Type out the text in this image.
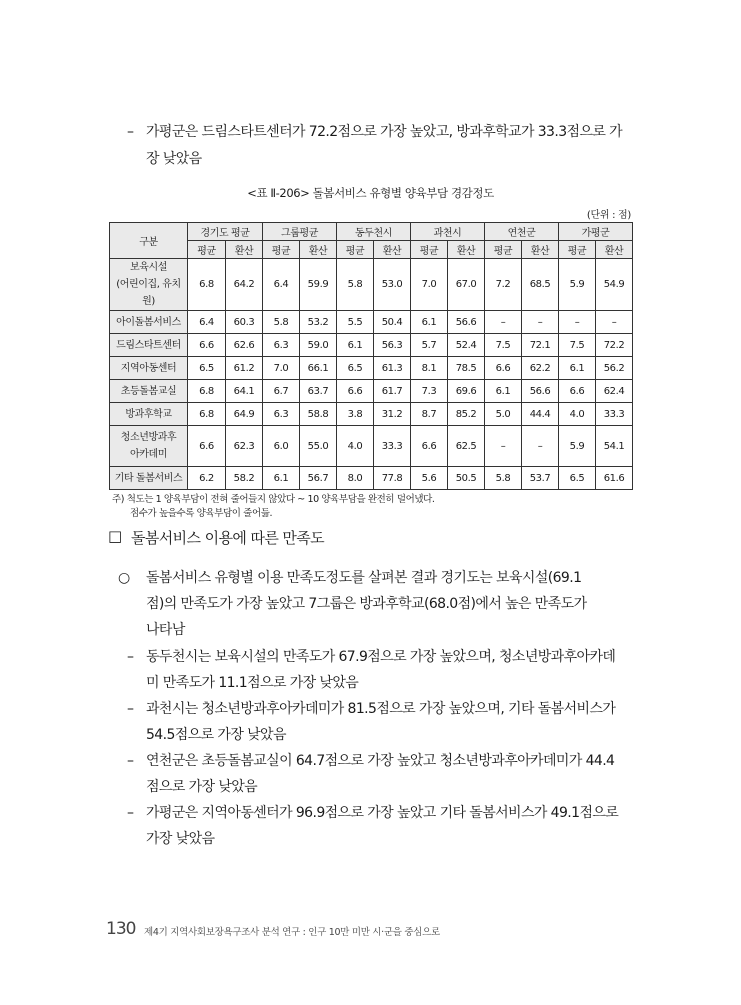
– 가평군은 드림스타트센터가 72.2점으로 가장 높았고, 방과후학교가 33.3점으로 가
장 낮았음
<표 Ⅱ-206> 돌봄서비스 유형별 양육부담 경감정도
(단위 : 점)
구분	경기도 평균		그룹평균		동두천시		과천시		연천군		가평군	
	평균	환산	평균	환산	평균	환산	평균	환산	평균	환산	평균	환산
보육시설
(어린이집, 유치원)	6.8	64.2	6.4	59.9	5.8	53.0	7.0	67.0	7.2	68.5	5.9	54.9
아이돌봄서비스	6.4	60.3	5.8	53.2	5.5	50.4	6.1	56.6	–	–	–	–
드림스타트센터	6.6	62.6	6.3	59.0	6.1	56.3	5.7	52.4	7.5	72.1	7.5	72.2
지역아동센터	6.5	61.2	7.0	66.1	6.5	61.3	8.1	78.5	6.6	62.2	6.1	56.2
초등돌봄교실	6.8	64.1	6.7	63.7	6.6	61.7	7.3	69.6	6.1	56.6	6.6	62.4
방과후학교	6.8	64.9	6.3	58.8	3.8	31.2	8.7	85.2	5.0	44.4	4.0	33.3
청소년방과후
아카데미	6.6	62.3	6.0	55.0	4.0	33.3	6.6	62.5	–	–	5.9	54.1
기타 돌봄서비스	6.2	58.2	6.1	56.7	8.0	77.8	5.6	50.5	5.8	53.7	6.5	61.6
주) 척도는 1 양육부담이 전혀 줄어들지 않았다 ~ 10 양육부담을 완전히 덜어냈다.
점수가 높을수록 양육부담이 줄어듦.
□ 돌봄서비스 이용에 따른 만족도
○ 돌봄서비스 유형별 이용 만족도정도를 살펴본 결과 경기도는 보육시설(69.1
점)의 만족도가 가장 높았고 7그룹은 방과후학교(68.0점)에서 높은 만족도가
나타남
– 동두천시는 보육시설의 만족도가 67.9점으로 가장 높았으며, 청소년방과후아카데
미 만족도가 11.1점으로 가장 낮았음
– 과천시는 청소년방과후아카데미가 81.5점으로 가장 높았으며, 기타 돌봄서비스가
54.5점으로 가장 낮았음
– 연천군은 초등돌봄교실이 64.7점으로 가장 높았고 청소년방과후아카데미가 44.4
점으로 가장 낮았음
– 가평군은 지역아동센터가 96.9점으로 가장 높았고 기타 돌봄서비스가 49.1점으로
가장 낮았음
130 제4기 지역사회보장욕구조사 분석 연구 : 인구 10만 미만 시·군을 중심으로
